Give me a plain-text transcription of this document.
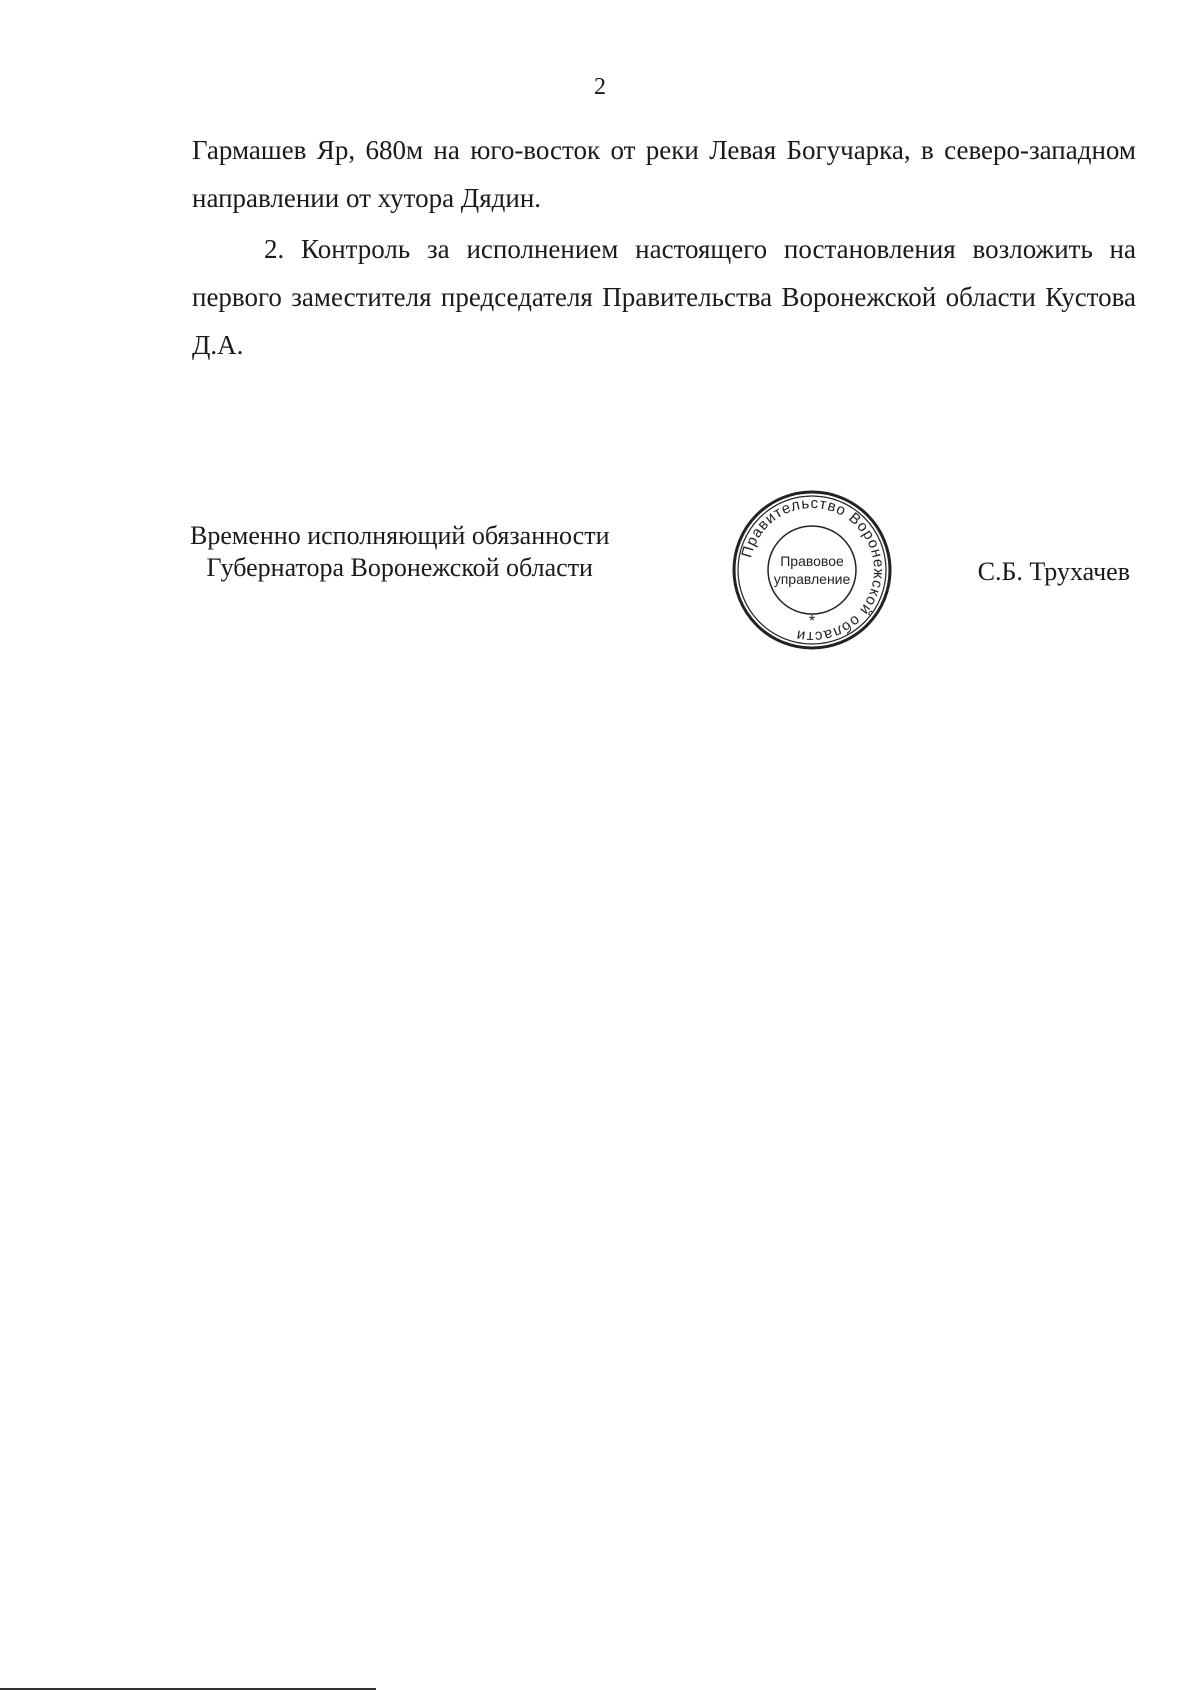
2

Гармашев Яр, 680м на юго-восток от реки Левая Богучарка, в северо-западном направлении от хутора Дядин.

2. Контроль за исполнением настоящего постановления возложить на первого заместителя председателя Правительства Воронежской области Кустова Д.А.

Временно исполняющий обязанности
Губернатора Воронежской области
Правительство Воронежской области
Правовое
управление
*
С.Б. Трухачев
